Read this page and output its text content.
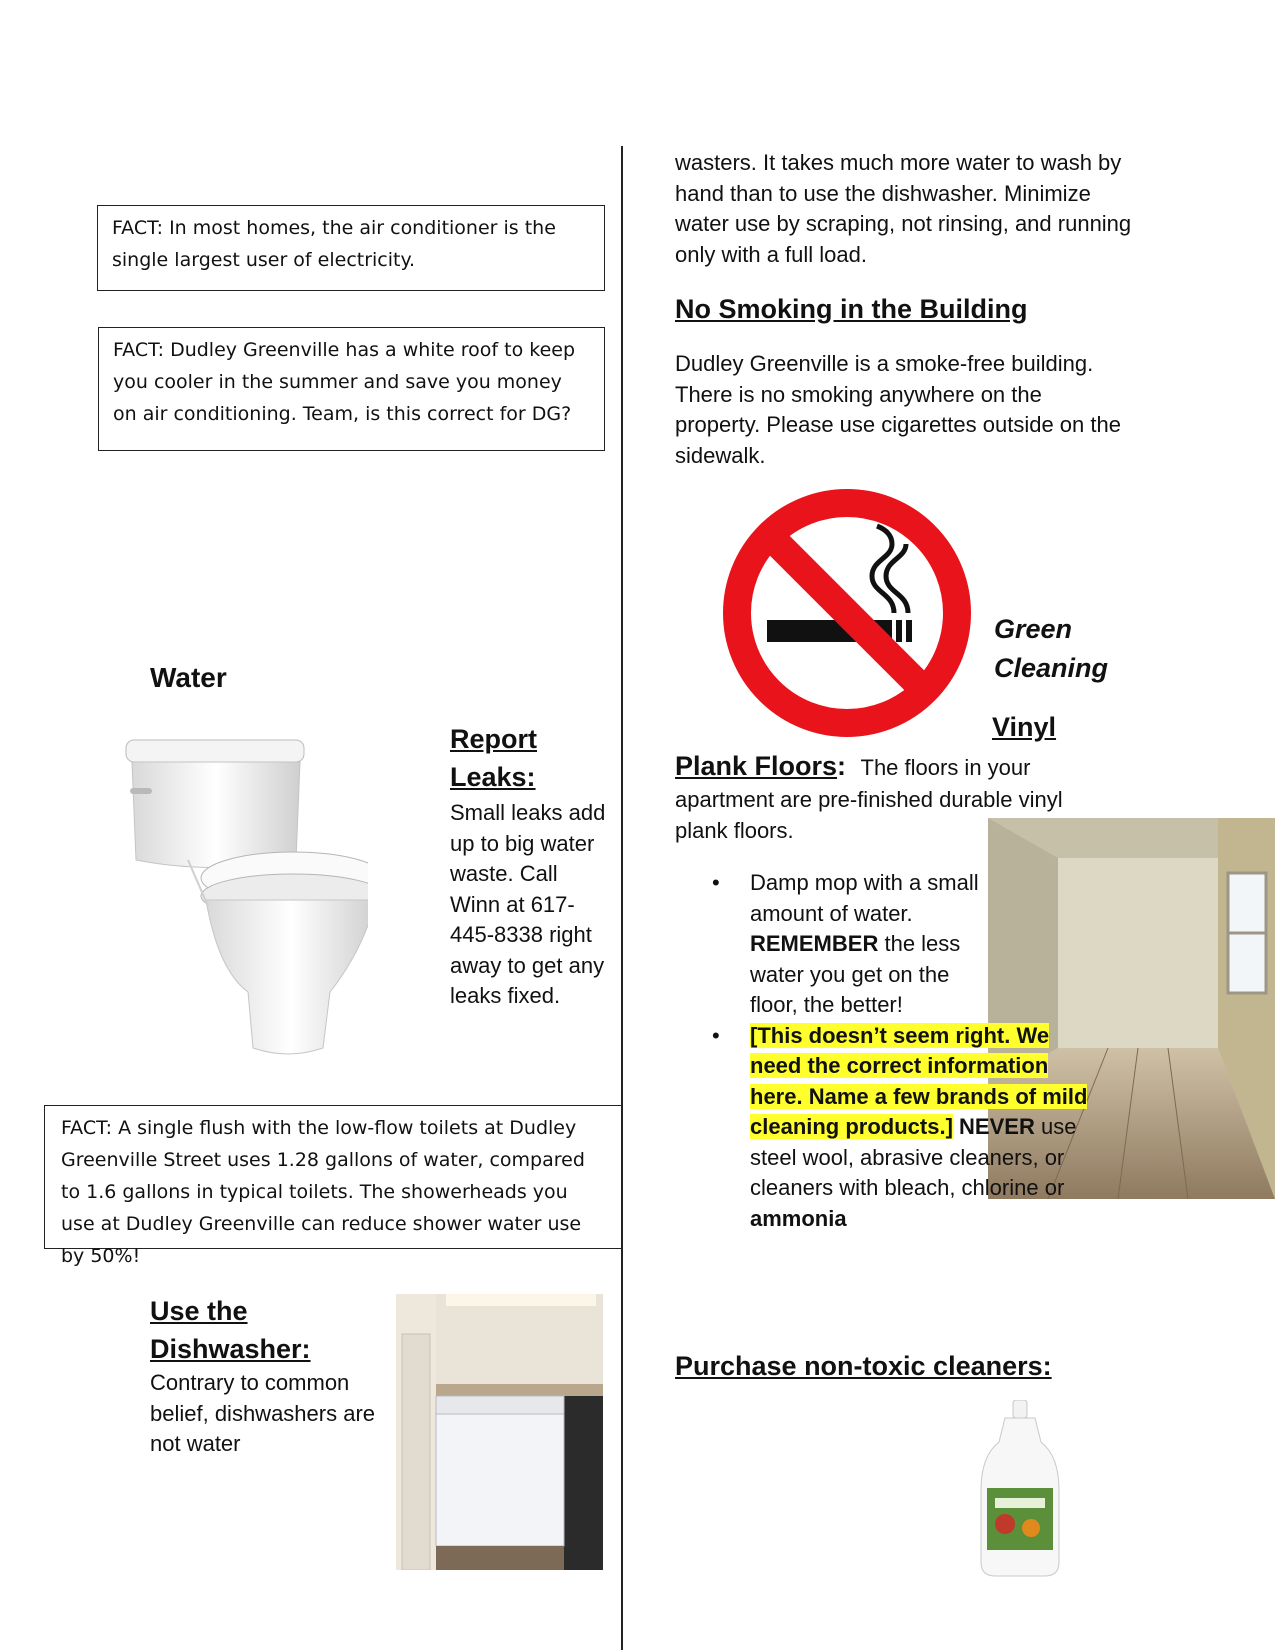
FACT: In most homes, the air conditioner is the single largest user of electricity.
FACT: Dudley Greenville has a white roof to keep you cooler in the summer and save you money on air conditioning. Team, is this correct for DG?
Water
Report Leaks:
Small leaks add up to big water waste. Call Winn at 617-445-8338 right away to get any leaks fixed.
FACT: A single flush with the low-flow toilets at Dudley Greenville Street uses 1.28 gallons of water, compared to 1.6 gallons in typical toilets. The showerheads you use at Dudley Greenville can reduce shower water use by 50%!
Use the Dishwasher:
Contrary to common belief, dishwashers are not water
wasters. It takes much more water to wash by hand than to use the dishwasher. Minimize water use by scraping, not rinsing, and running only with a full load.
No Smoking in the Building
Dudley Greenville is a smoke-free building. There is no smoking anywhere on the property. Please use cigarettes outside on the sidewalk.
Green Cleaning
Vinyl
Plank Floors: The floors in your
apartment are pre-finished durable vinyl plank floors.
• Damp mop with a small amount of water. REMEMBER the less water you get on the floor, the better!
• [This doesn’t seem right. We need the correct information here. Name a few brands of mild cleaning products.] NEVER use steel wool, abrasive cleaners, or cleaners with bleach, chlorine or ammonia
Purchase non-toxic cleaners:
